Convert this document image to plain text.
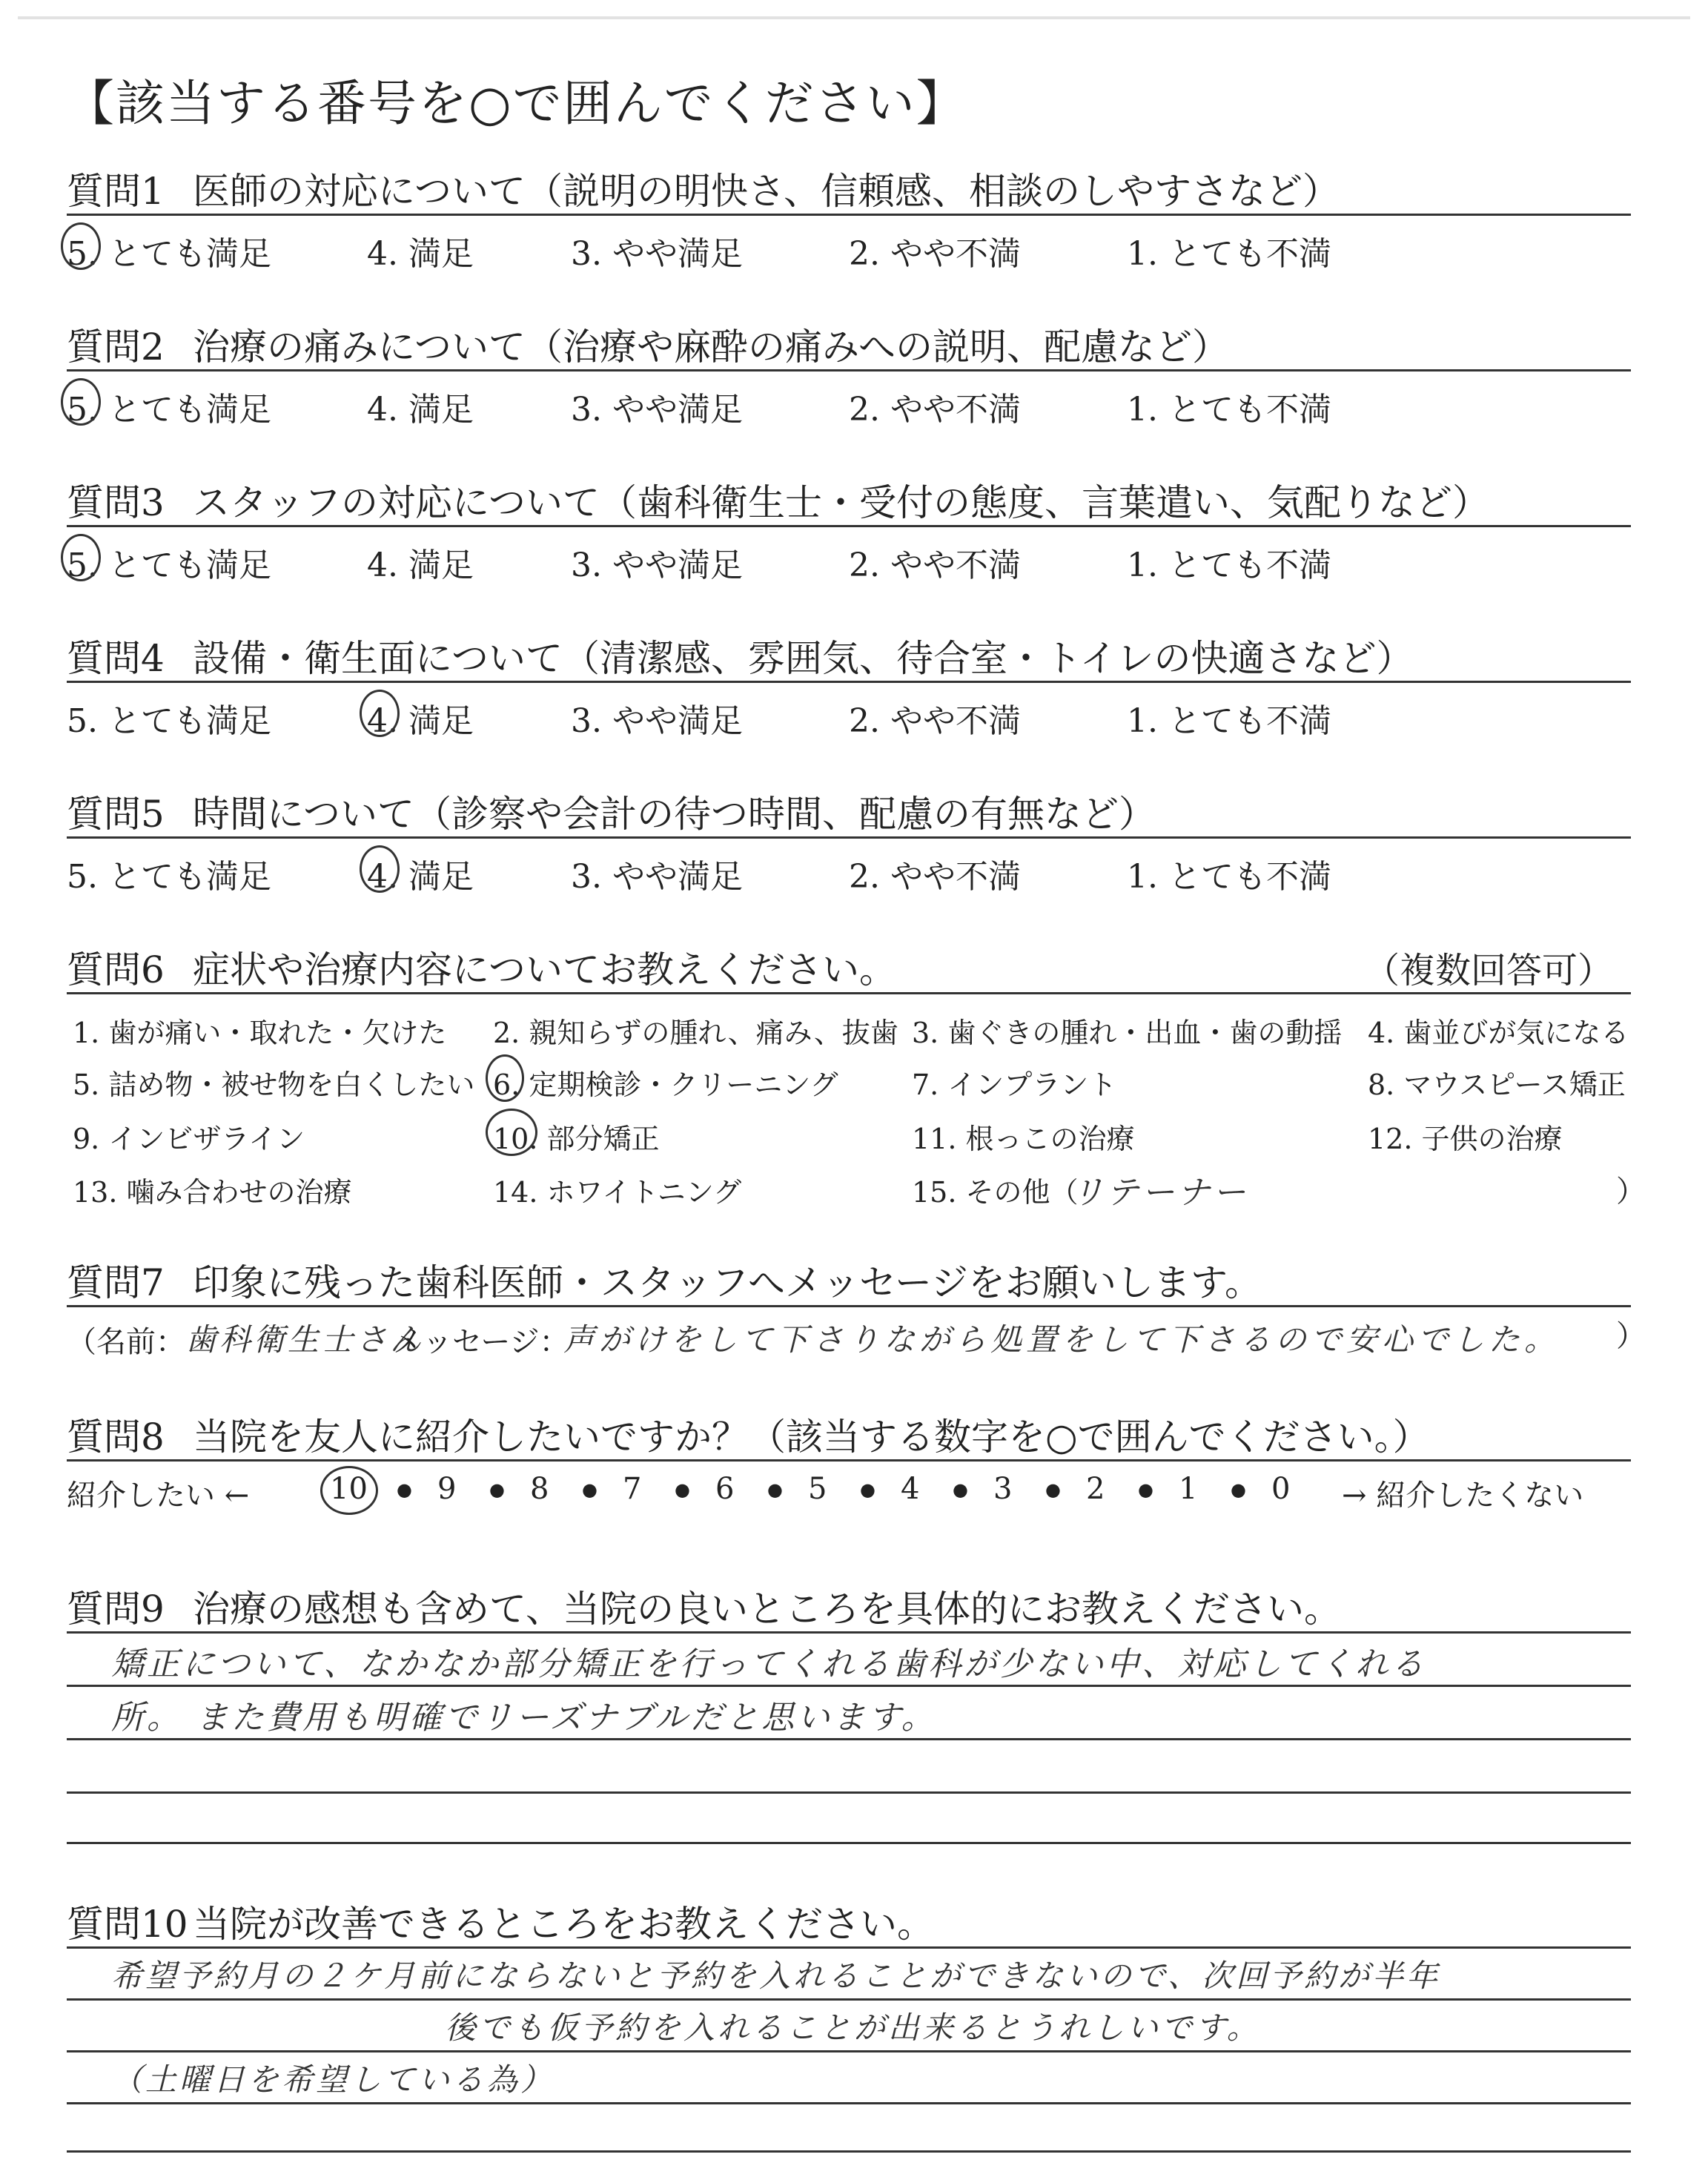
【該当する番号を○で囲んでください】
質問1 医師の対応について（説明の明快さ、信頼感、相談のしやすさなど）
5. とても満足	4. 満足	3. やや満足	2. やや不満	1. とても不満
質問2 治療の痛みについて（治療や麻酔の痛みへの説明、配慮など）
5. とても満足	4. 満足	3. やや満足	2. やや不満	1. とても不満
質問3 スタッフの対応について（歯科衛生士・受付の態度、言葉遣い、気配りなど）
5. とても満足	4. 満足	3. やや満足	2. やや不満	1. とても不満
質問4 設備・衛生面について（清潔感、雰囲気、待合室・トイレの快適さなど）
5. とても満足	4. 満足	3. やや満足	2. やや不満	1. とても不満
質問5 時間について（診察や会計の待つ時間、配慮の有無など）
5. とても満足	4. 満足	3. やや満足	2. やや不満	1. とても不満
質問6 症状や治療内容についてお教えください。	（複数回答可）
1. 歯が痛い・取れた・欠けた 2. 親知らずの腫れ、痛み、抜歯 3. 歯ぐきの腫れ・出血・歯の動揺 4. 歯並びが気になる
5. 詰め物・被せ物を白くしたい 6. 定期検診・クリーニング	7. インプラント	8. マウスピース矯正
9. インビザライン	10. 部分矯正	11. 根っこの治療	12. 子供の治療
13. 噛み合わせの治療	14. ホワイトニング	15. その他（
リテーナー	）
質問7 印象に残った歯科医師・スタッフへメッセージをお願いします。
（名前： 歯科衛生士さん
メッセージ：
声がけをして下さりながら処置をして下さるので安心でした。 ）
質問8 当院を友人に紹介したいですか？（該当する数字を○で囲んでください。）
紹介したい ←	10 ● 9 ● 8 ● 7 ● 6 ● 5 ● 4 ● 3 ● 2 ● 1 ● 0 → 紹介したくない
質問9 治療の感想も含めて、当院の良いところを具体的にお教えください。
矯正について、なかなか部分矯正を行ってくれる歯科が少ない中、対応してくれる
所。 また費用も明確でリーズナブルだと思います。
質問10 当院が改善できるところをお教えください。
希望予約月の２ケ月前にならないと予約を入れることができないので、次回予約が半年
後でも仮予約を入れることが出来るとうれしいです。
（土曜日を希望している為）
